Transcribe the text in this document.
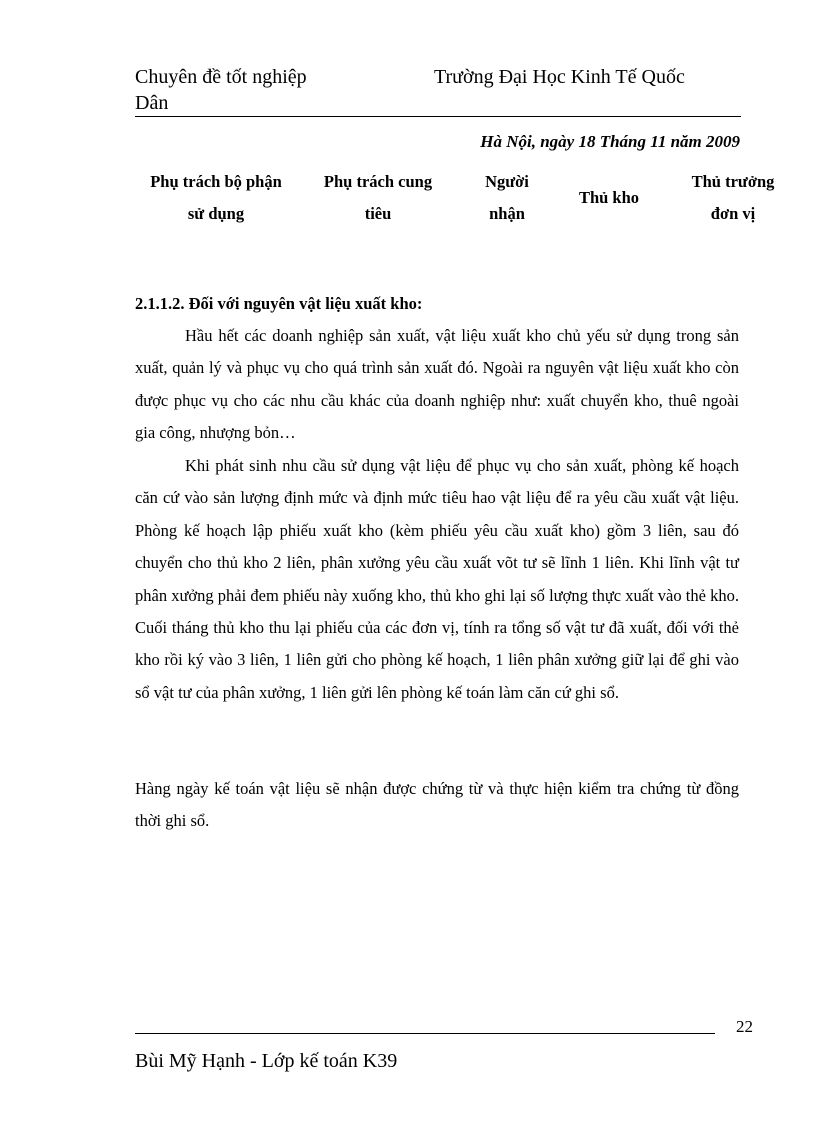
Chuyên đề tốt nghiệp
Dân
Trường Đại Học Kinh Tế Quốc
Hà Nội, ngày 18 Tháng 11 năm 2009
Phụ trách bộ phận
sử dụng
Phụ trách cung
tiêu
Người
nhận
Thủ kho
Thủ trưởng
đơn vị
2.1.1.2. Đối với nguyên vật liệu xuất kho:
Hầu hết các doanh nghiệp sản xuất, vật liệu xuất kho chủ yếu sử dụng trong sản xuất, quản lý và phục vụ cho quá trình sản xuất đó. Ngoài ra nguyên vật liệu xuất kho còn được phục vụ cho các nhu cầu khác của doanh nghiệp như: xuất chuyển kho, thuê ngoài gia công, nhượng bỏn…
Khi phát sinh nhu cầu sử dụng vật liệu để phục vụ cho sản xuất, phòng kế hoạch căn cứ vào sản lượng định mức và định mức tiêu hao vật liệu để ra yêu cầu xuất vật liệu. Phòng kế hoạch lập phiếu xuất kho (kèm phiếu yêu cầu xuất kho) gồm 3 liên, sau đó chuyển cho thủ kho 2 liên, phân xưởng yêu cầu xuất võt tư sẽ lĩnh 1 liên. Khi lĩnh vật tư phân xưởng phải đem phiếu này xuống kho, thủ kho ghi lại số lượng thực xuất vào thẻ kho. Cuối tháng thủ kho thu lại phiếu của các đơn vị, tính ra tổng số vật tư đã xuất, đối với thẻ kho rồi ký vào 3 liên, 1 liên gửi cho phòng kế hoạch, 1 liên phân xưởng giữ lại để ghi vào sổ vật tư của phân xưởng, 1 liên gửi lên phòng kế toán làm căn cứ ghi sổ.
Hàng ngày kế toán vật liệu sẽ nhận được chứng từ và thực hiện kiểm tra chứng từ đồng thời ghi sổ.
22
Bùi Mỹ Hạnh - Lớp kế toán K39
